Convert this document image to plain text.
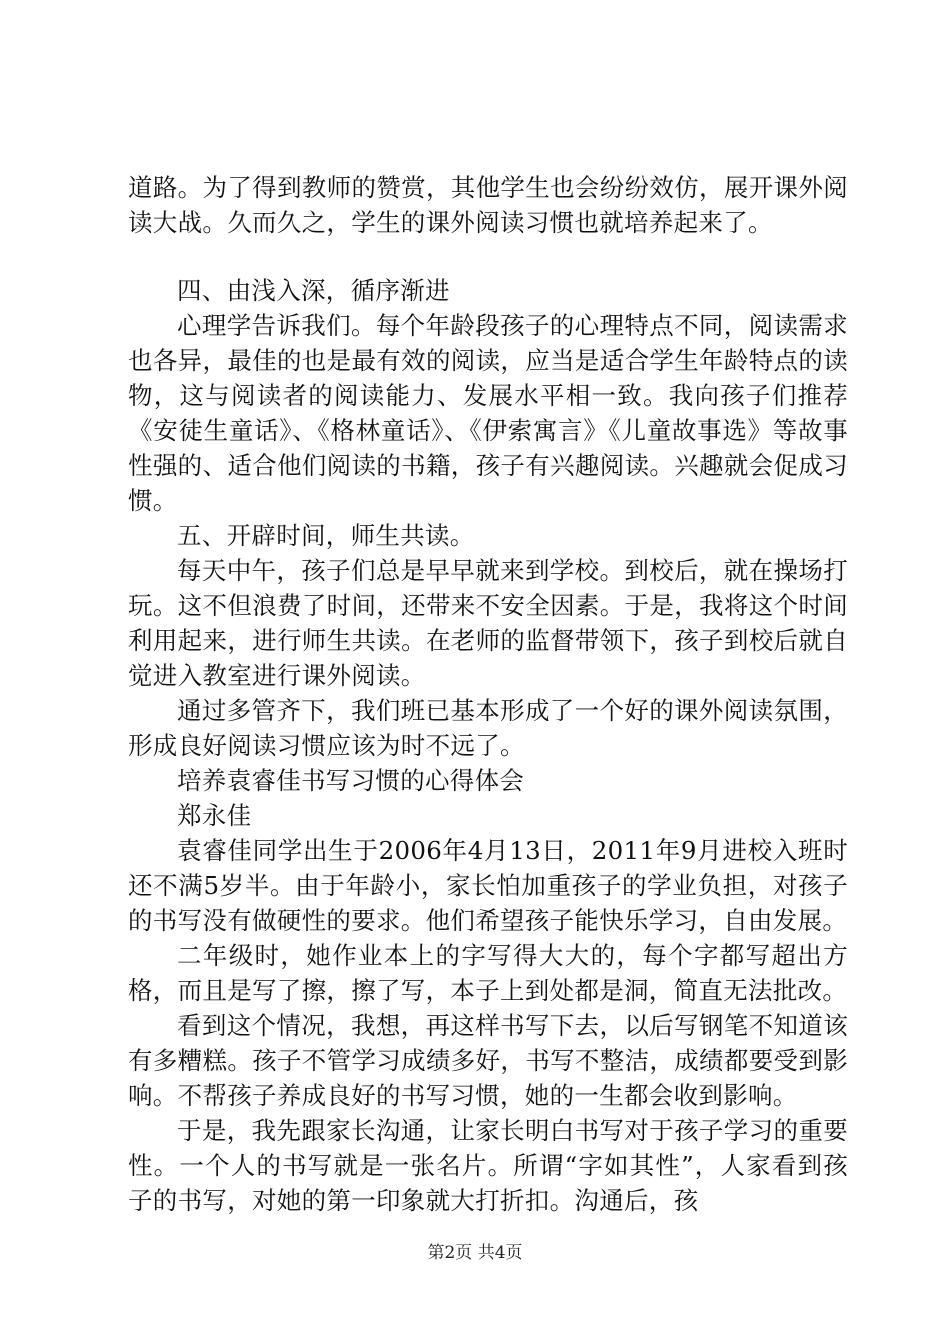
道路。为了得到教师的赞赏，其他学生也会纷纷效仿，展开课外阅读大战。久而久之，学生的课外阅读习惯也就培养起来了。

四、由浅入深，循序渐进

心理学告诉我们。每个年龄段孩子的心理特点不同，阅读需求也各异，最佳的也是最有效的阅读，应当是适合学生年龄特点的读物，这与阅读者的阅读能力、发展水平相一致。我向孩子们推荐《安徒生童话》、《格林童话》、《伊索寓言》《儿童故事选》等故事性强的、适合他们阅读的书籍，孩子有兴趣阅读。兴趣就会促成习惯。

五、开辟时间，师生共读。

每天中午，孩子们总是早早就来到学校。到校后，就在操场打玩。这不但浪费了时间，还带来不安全因素。于是，我将这个时间利用起来，进行师生共读。在老师的监督带领下，孩子到校后就自觉进入教室进行课外阅读。

通过多管齐下，我们班已基本形成了一个好的课外阅读氛围，形成良好阅读习惯应该为时不远了。

培养袁睿佳书写习惯的心得体会

郑永佳

袁睿佳同学出生于2006年4月13日，2011年9月进校入班时还不满5岁半。由于年龄小，家长怕加重孩子的学业负担，对孩子的书写没有做硬性的要求。他们希望孩子能快乐学习，自由发展。

二年级时，她作业本上的字写得大大的，每个字都写超出方格，而且是写了擦，擦了写，本子上到处都是洞，简直无法批改。

看到这个情况，我想，再这样书写下去，以后写钢笔不知道该有多糟糕。孩子不管学习成绩多好，书写不整洁，成绩都要受到影响。不帮孩子养成良好的书写习惯，她的一生都会收到影响。

于是，我先跟家长沟通，让家长明白书写对于孩子学习的重要性。一个人的书写就是一张名片。所谓“字如其性”，人家看到孩子的书写，对她的第一印象就大打折扣。沟通后，孩

第2页 共4页
